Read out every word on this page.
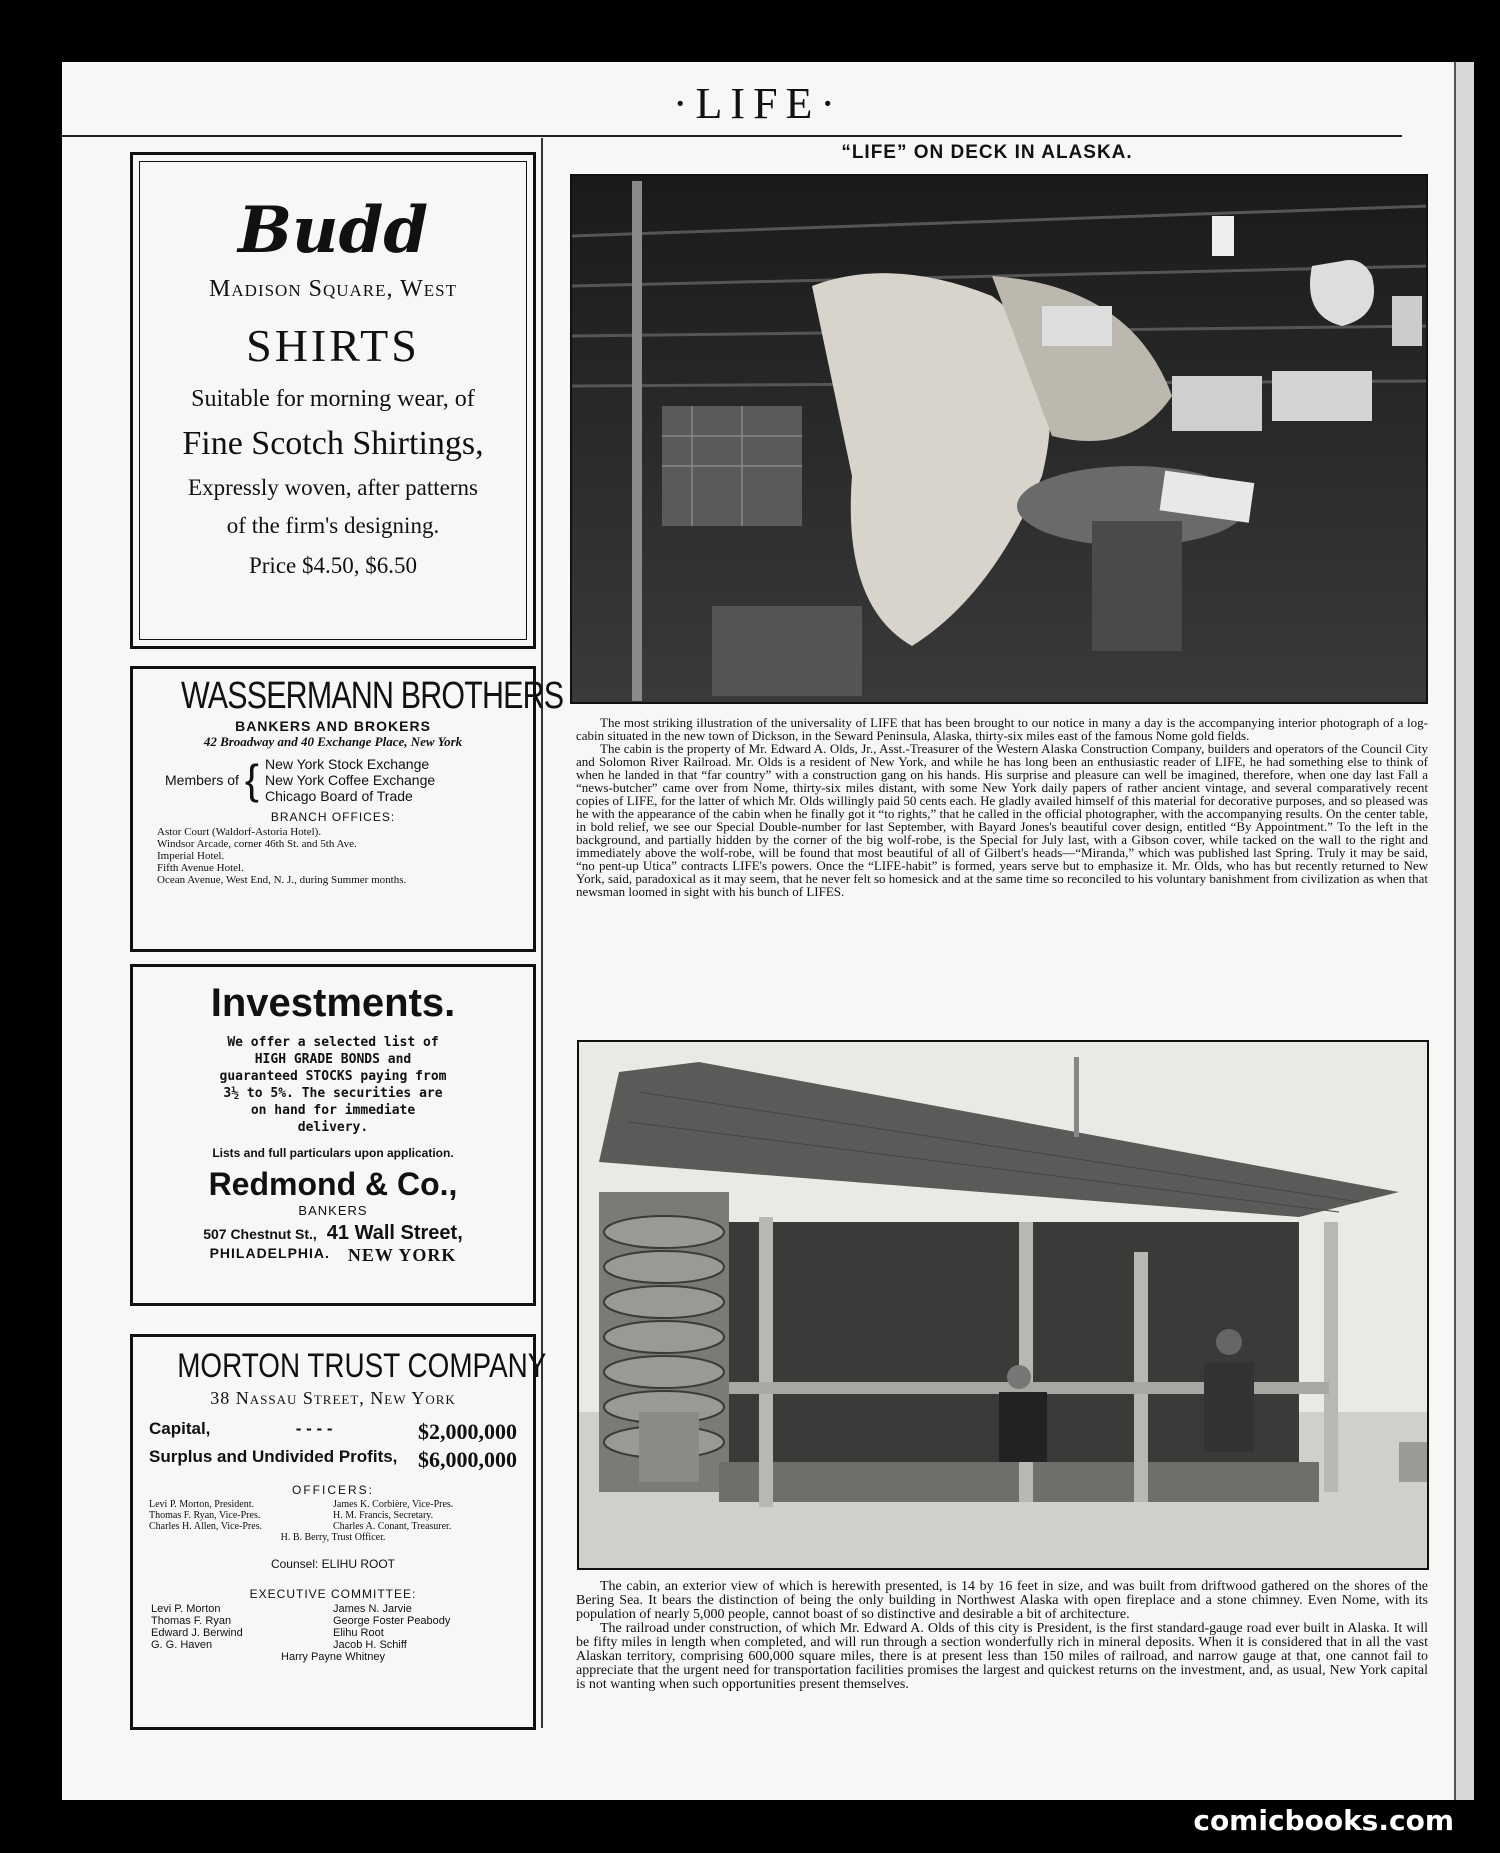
·LIFE·
Budd
Madison Square, West
SHIRTS
Suitable for morning wear, of
Fine Scotch Shirtings,
Expressly woven, after patterns
of the firm's designing.
Price $4.50, $6.50
WASSERMANN BROTHERS
BANKERS AND BROKERS
42 Broadway and 40 Exchange Place, New York
Members of { New York Stock Exchange
New York Coffee Exchange
Chicago Board of Trade
BRANCH OFFICES:
Astor Court (Waldorf-Astoria Hotel).
Windsor Arcade, corner 46th St. and 5th Ave.
Imperial Hotel.
Fifth Avenue Hotel.
Ocean Avenue, West End, N. J., during Summer months.
Investments.
We offer a selected list of HIGH GRADE BONDS and guaranteed STOCKS paying from 3½ to 5%. The securities are on hand for immediate delivery.
Lists and full particulars upon application.
Redmond & Co.,
BANKERS
507 Chestnut St., 41 Wall Street,
PHILADELPHIA. NEW YORK
MORTON TRUST COMPANY
38 Nassau Street, New York
Capital,	- - - -	$2,000,000
Surplus and Undivided Profits, $6,000,000
OFFICERS:
Levi P. Morton, President.	James K. Corbière, Vice-Pres.
Thomas F. Ryan, Vice-Pres.	H. M. Francis, Secretary.
Charles H. Allen, Vice-Pres.	Charles A. Conant, Treasurer.
H. B. Berry, Trust Officer.
Counsel: ELIHU ROOT
EXECUTIVE COMMITTEE:
Levi P. Morton	James N. Jarvie
Thomas F. Ryan	George Foster Peabody
Edward J. Berwind	Elihu Root
G. G. Haven	Jacob H. Schiff
Harry Payne Whitney
“LIFE” ON DECK IN ALASKA.

The most striking illustration of the universality of LIFE that has been brought to our notice in many a day is the accompanying interior photograph of a log-cabin situated in the new town of Dickson, in the Seward Peninsula, Alaska, thirty-six miles east of the famous Nome gold fields.

The cabin is the property of Mr. Edward A. Olds, Jr., Asst.-Treasurer of the Western Alaska Construction Company, builders and operators of the Council City and Solomon River Railroad. Mr. Olds is a resident of New York, and while he has long been an enthusiastic reader of LIFE, he had something else to think of when he landed in that “far country” with a construction gang on his hands. His surprise and pleasure can well be imagined, therefore, when one day last Fall a “news-butcher” came over from Nome, thirty-six miles distant, with some New York daily papers of rather ancient vintage, and several comparatively recent copies of LIFE, for the latter of which Mr. Olds willingly paid 50 cents each. He gladly availed himself of this material for decorative purposes, and so pleased was he with the appearance of the cabin when he finally got it “to rights,” that he called in the official photographer, with the accompanying results. On the center table, in bold relief, we see our Special Double-number for last September, with Bayard Jones's beautiful cover design, entitled “By Appointment.” To the left in the background, and partially hidden by the corner of the big wolf-robe, is the Special for July last, with a Gibson cover, while tacked on the wall to the right and immediately above the wolf-robe, will be found that most beautiful of all of Gilbert's heads—“Miranda,” which was published last Spring. Truly it may be said, “no pent-up Utica” contracts LIFE's powers. Once the “LIFE-habit” is formed, years serve but to emphasize it. Mr. Olds, who has but recently returned to New York, said, paradoxical as it may seem, that he never felt so homesick and at the same time so reconciled to his voluntary banishment from civilization as when that newsman loomed in sight with his bunch of LIFES.

The cabin, an exterior view of which is herewith presented, is 14 by 16 feet in size, and was built from driftwood gathered on the shores of the Bering Sea. It bears the distinction of being the only building in Northwest Alaska with open fireplace and a stone chimney. Even Nome, with its population of nearly 5,000 people, cannot boast of so distinctive and desirable a bit of architecture.

The railroad under construction, of which Mr. Edward A. Olds of this city is President, is the first standard-gauge road ever built in Alaska. It will be fifty miles in length when completed, and will run through a section wonderfully rich in mineral deposits. When it is considered that in all the vast Alaskan territory, comprising 600,000 square miles, there is at present less than 150 miles of railroad, and narrow gauge at that, one cannot fail to appreciate that the urgent need for transportation facilities promises the largest and quickest returns on the investment, and, as usual, New York capital is not wanting when such opportunities present themselves.

comicbooks.com
